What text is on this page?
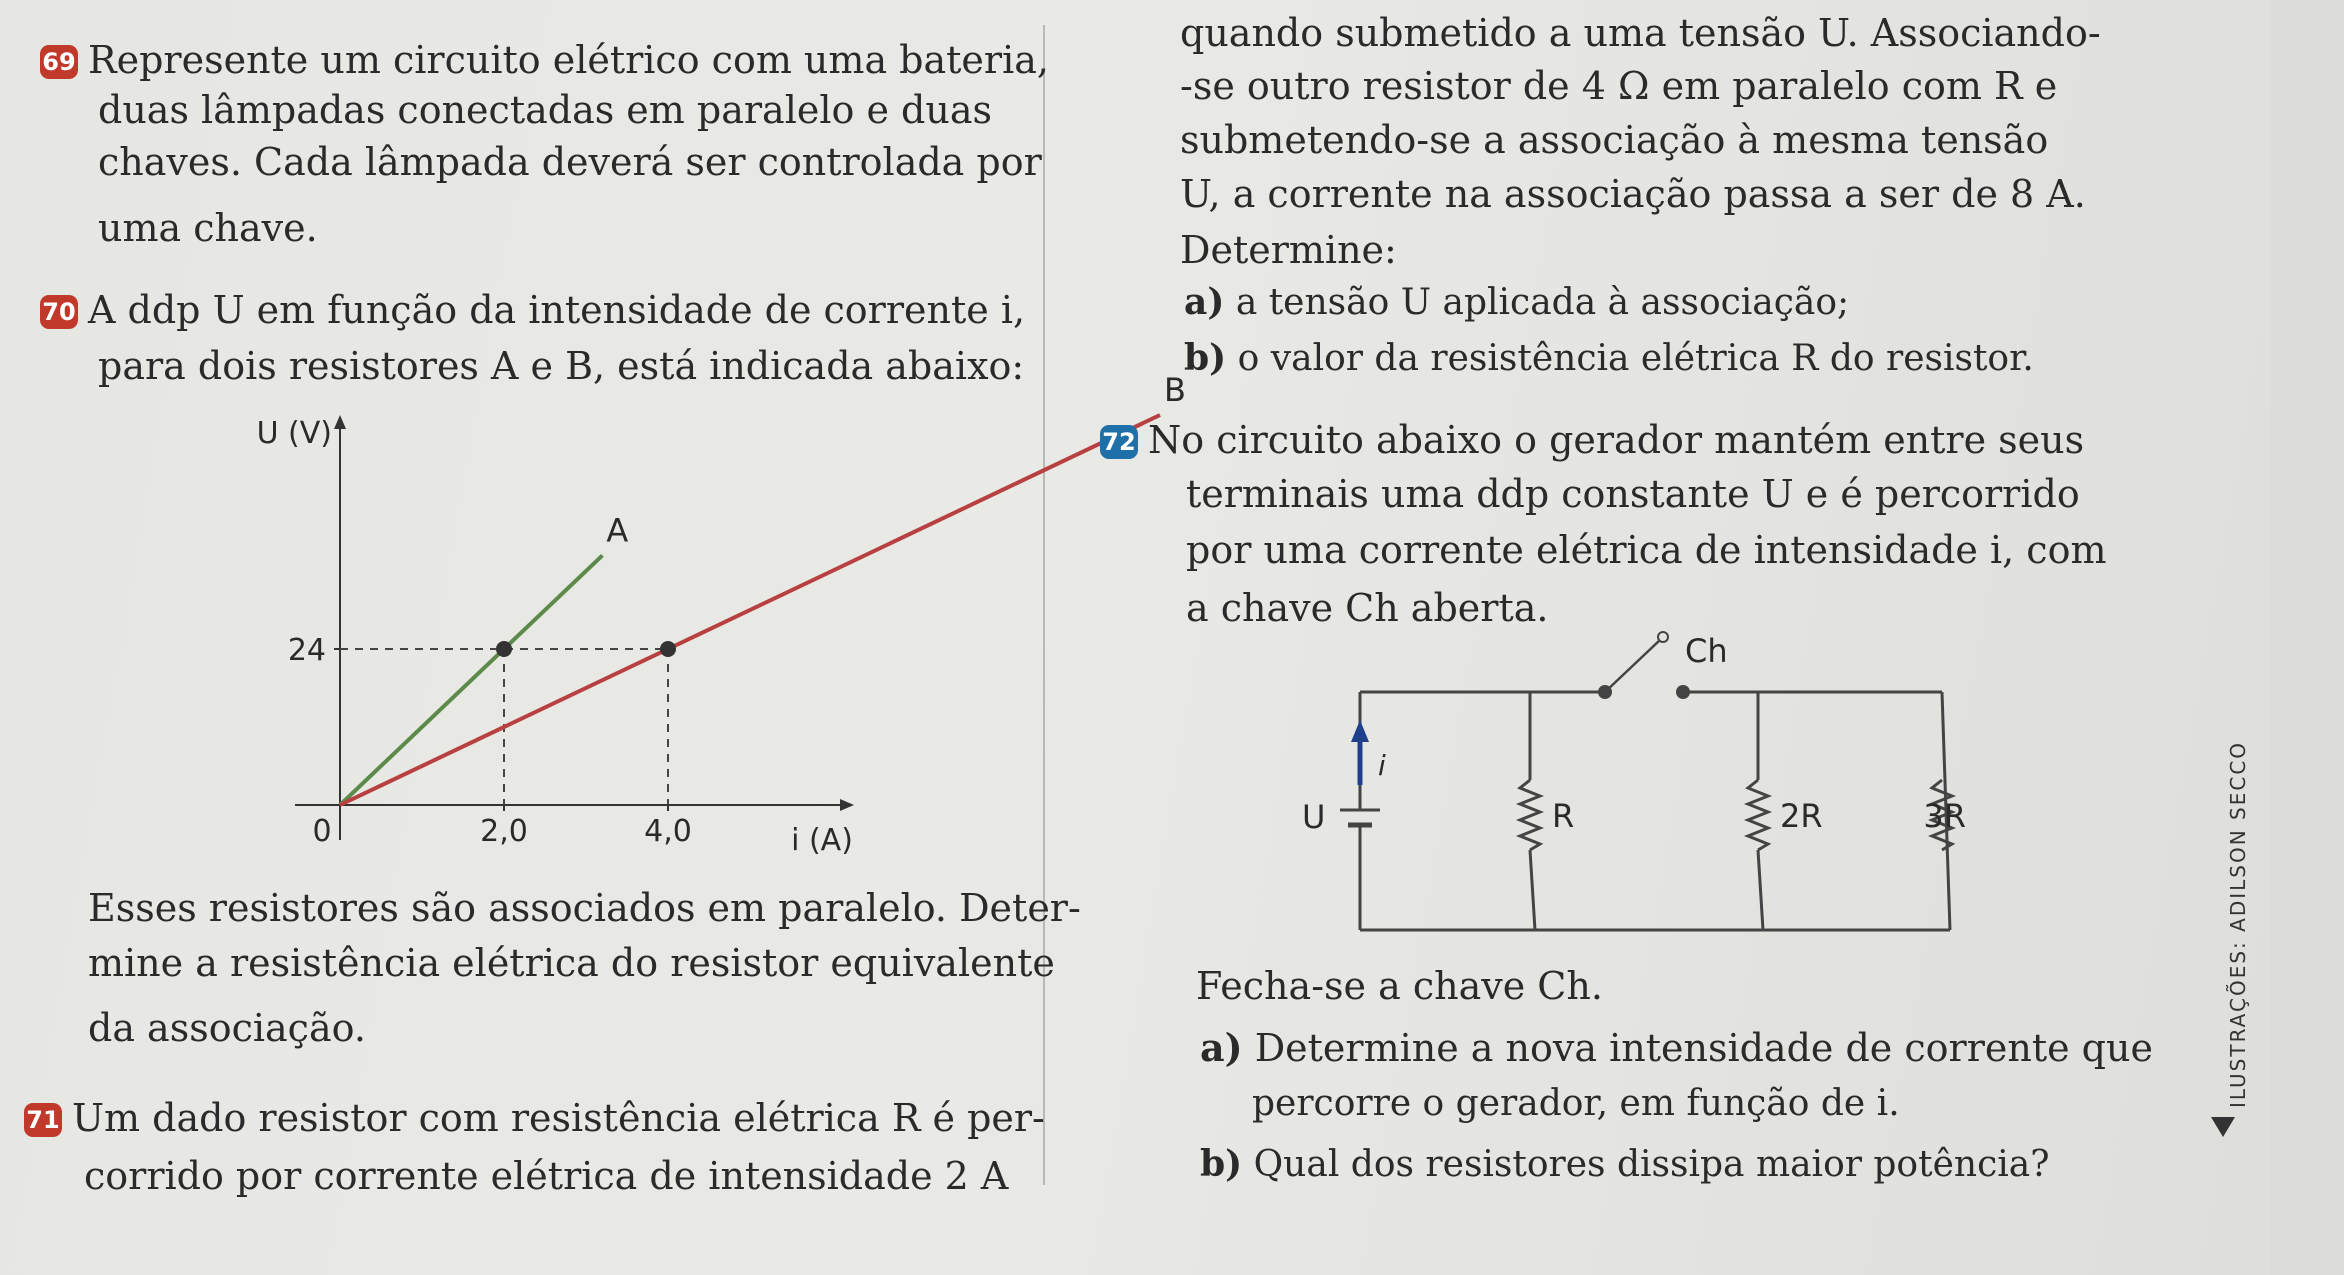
69 Represente um circuito elétrico com uma bateria,
duas lâmpadas conectadas em paralelo e duas
chaves. Cada lâmpada deverá ser controlada por
uma chave.
70 A ddp U em função da intensidade de corrente i,
para dois resistores A e B, está indicada abaixo:
U (V)
i (A)
0
24
2,0	4,0
A
B
Esses resistores são associados em paralelo. Deter-
mine a resistência elétrica do resistor equivalente
da associação.
71 Um dado resistor com resistência elétrica R é per-
corrido por corrente elétrica de intensidade 2 A
quando submetido a uma tensão U. Associando-
-se outro resistor de 4 Ω em paralelo com R e
submetendo-se a associação à mesma tensão
U, a corrente na associação passa a ser de 8 A.
Determine:
a) a tensão U aplicada à associação;
b) o valor da resistência elétrica R do resistor.
72 No circuito abaixo o gerador mantém entre seus
terminais uma ddp constante U e é percorrido
por uma corrente elétrica de intensidade i, com
a chave Ch aberta.
Ch
i
U	R	2R	3R
Fecha-se a chave Ch.
a) Determine a nova intensidade de corrente que
percorre o gerador, em função de i.
b) Qual dos resistores dissipa maior potência?
ILUSTRAÇÕES: ADILSON SECCO
